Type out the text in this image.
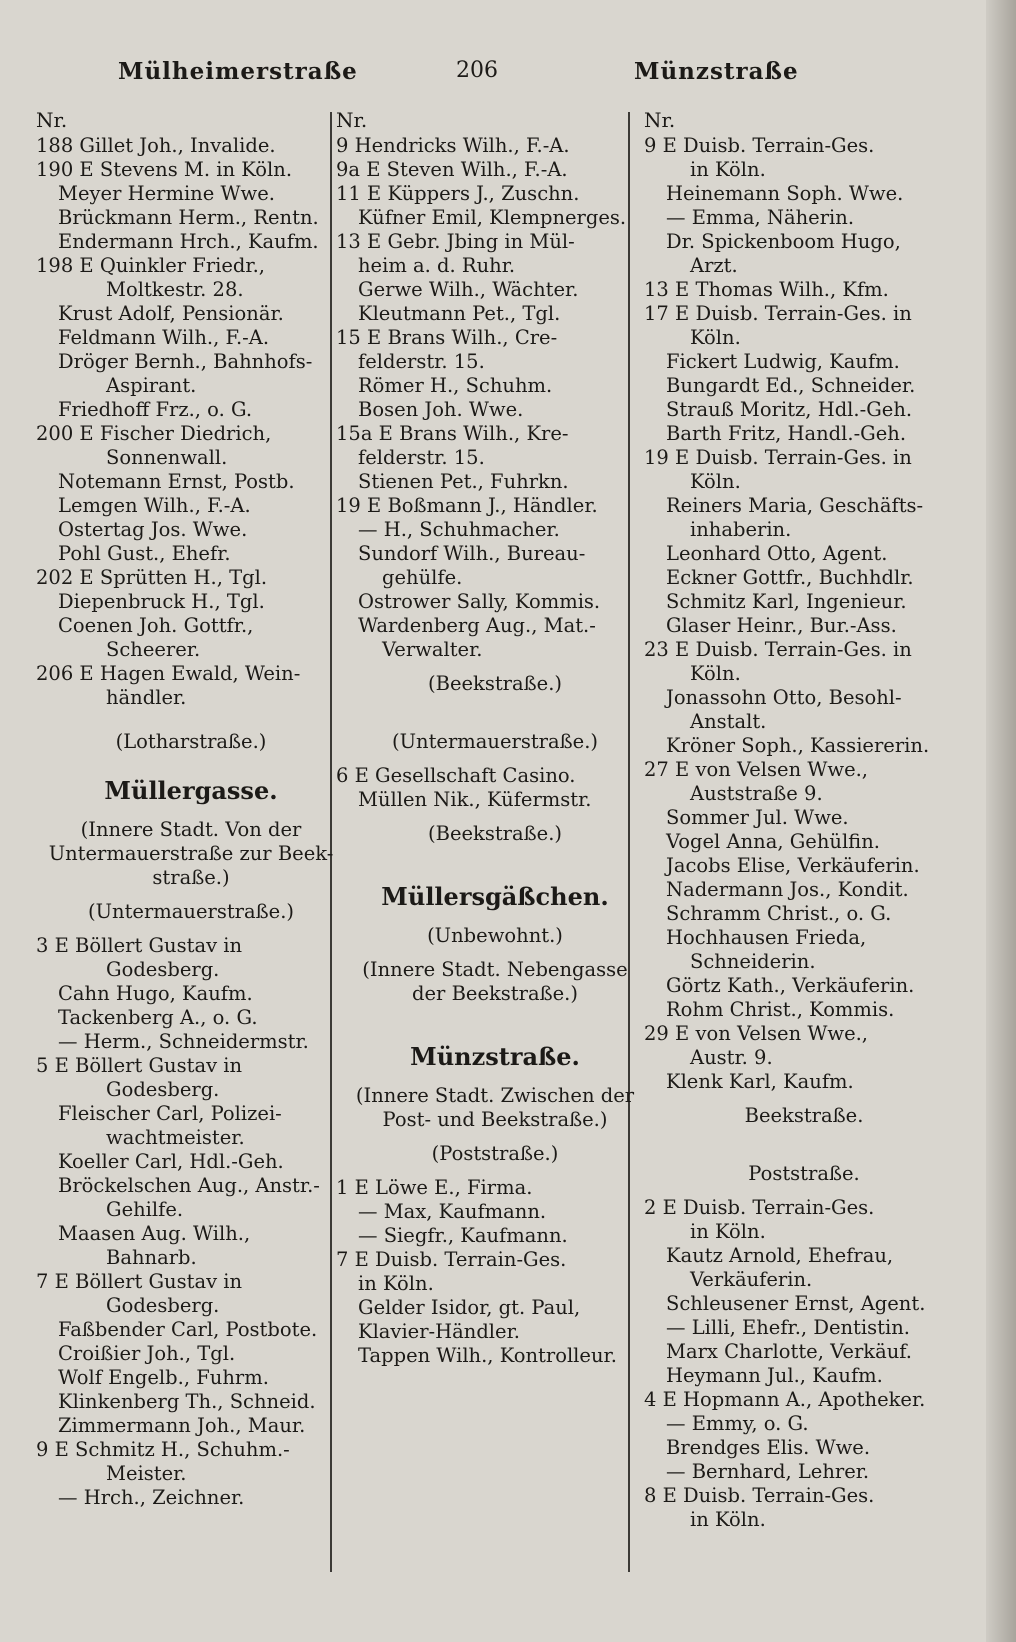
Mülheimerstraße	206	Münzstraße
Nr.
188 Gillet Joh., Invalide.
190 E Stevens M. in Köln.
Meyer Hermine Wwe.
Brückmann Herm., Rentn.
Endermann Hrch., Kaufm.
198 E Quinkler Friedr.,
Moltkestr. 28.
Krust Adolf, Pensionär.
Feldmann Wilh., F.-A.
Dröger Bernh., Bahnhofs-
Aspirant.
Friedhoff Frz., o. G.
200 E Fischer Diedrich,
Sonnenwall.
Notemann Ernst, Postb.
Lemgen Wilh., F.-A.
Ostertag Jos. Wwe.
Pohl Gust., Ehefr.
202 E Sprütten H., Tgl.
Diepenbruck H., Tgl.
Coenen Joh. Gottfr.,
Scheerer.
206 E Hagen Ewald, Wein-
händler.
(Lotharstraße.)
Müllergasse.
(Innere Stadt. Von der
Untermauerstraße zur Beek-
straße.)
(Untermauerstraße.)
3 E Böllert Gustav in
Godesberg.
Cahn Hugo, Kaufm.
Tackenberg A., o. G.
— Herm., Schneidermstr.
5 E Böllert Gustav in
Godesberg.
Fleischer Carl, Polizei-
wachtmeister.
Koeller Carl, Hdl.-Geh.
Bröckelschen Aug., Anstr.-
Gehilfe.
Maasen Aug. Wilh.,
Bahnarb.
7 E Böllert Gustav in
Godesberg.
Faßbender Carl, Postbote.
Croißier Joh., Tgl.
Wolf Engelb., Fuhrm.
Klinkenberg Th., Schneid.
Zimmermann Joh., Maur.
9 E Schmitz H., Schuhm.-
Meister.
— Hrch., Zeichner.
Nr.
9 Hendricks Wilh., F.-A.
9a E Steven Wilh., F.-A.
11 E Küppers J., Zuschn.
Küfner Emil, Klempnerges.
13 E Gebr. Jbing in Mül-
heim a. d. Ruhr.
Gerwe Wilh., Wächter.
Kleutmann Pet., Tgl.
15 E Brans Wilh., Cre-
felderstr. 15.
Römer H., Schuhm.
Bosen Joh. Wwe.
15a E Brans Wilh., Kre-
felderstr. 15.
Stienen Pet., Fuhrkn.
19 E Boßmann J., Händler.
— H., Schuhmacher.
Sundorf Wilh., Bureau-
gehülfe.
Ostrower Sally, Kommis.
Wardenberg Aug., Mat.-
Verwalter.
(Beekstraße.)
(Untermauerstraße.)
6 E Gesellschaft Casino.
Müllen Nik., Küfermstr.
(Beekstraße.)
Müllersgäßchen.
(Unbewohnt.)
(Innere Stadt. Nebengasse
der Beekstraße.)
Münzstraße.
(Innere Stadt. Zwischen der
Post- und Beekstraße.)
(Poststraße.)
1 E Löwe E., Firma.
— Max, Kaufmann.
— Siegfr., Kaufmann.
7 E Duisb. Terrain-Ges.
in Köln.
Gelder Isidor, gt. Paul,
Klavier-Händler.
Tappen Wilh., Kontrolleur.
Nr.
9 E Duisb. Terrain-Ges.
in Köln.
Heinemann Soph. Wwe.
— Emma, Näherin.
Dr. Spickenboom Hugo,
Arzt.
13 E Thomas Wilh., Kfm.
17 E Duisb. Terrain-Ges. in
Köln.
Fickert Ludwig, Kaufm.
Bungardt Ed., Schneider.
Strauß Moritz, Hdl.-Geh.
Barth Fritz, Handl.-Geh.
19 E Duisb. Terrain-Ges. in
Köln.
Reiners Maria, Geschäfts-
inhaberin.
Leonhard Otto, Agent.
Eckner Gottfr., Buchhdlr.
Schmitz Karl, Ingenieur.
Glaser Heinr., Bur.-Ass.
23 E Duisb. Terrain-Ges. in
Köln.
Jonassohn Otto, Besohl-
Anstalt.
Kröner Soph., Kassiererin.
27 E von Velsen Wwe.,
Auststraße 9.
Sommer Jul. Wwe.
Vogel Anna, Gehülfin.
Jacobs Elise, Verkäuferin.
Nadermann Jos., Kondit.
Schramm Christ., o. G.
Hochhausen Frieda,
Schneiderin.
Görtz Kath., Verkäuferin.
Rohm Christ., Kommis.
29 E von Velsen Wwe.,
Austr. 9.
Klenk Karl, Kaufm.
Beekstraße.
Poststraße.
2 E Duisb. Terrain-Ges.
in Köln.
Kautz Arnold, Ehefrau,
Verkäuferin.
Schleusener Ernst, Agent.
— Lilli, Ehefr., Dentistin.
Marx Charlotte, Verkäuf.
Heymann Jul., Kaufm.
4 E Hopmann A., Apotheker.
— Emmy, o. G.
Brendges Elis. Wwe.
— Bernhard, Lehrer.
8 E Duisb. Terrain-Ges.
in Köln.
